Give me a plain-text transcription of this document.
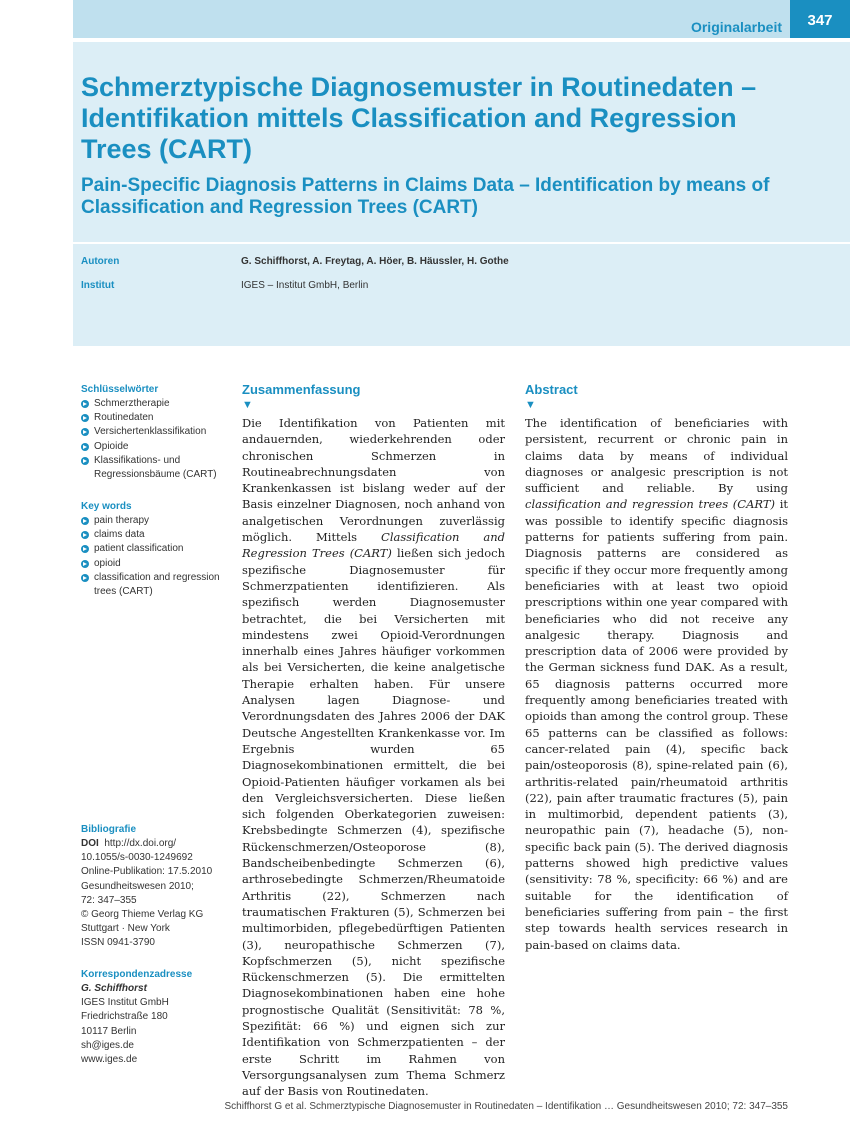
Originalarbeit	347
Schmerztypische Diagnosemuster in Routinedaten – Identifikation mittels Classification and Regression Trees (CART)
Pain-Specific Diagnosis Patterns in Claims Data – Identification by means of Classification and Regression Trees (CART)
Autoren	G. Schiffhorst, A. Freytag, A. Höer, B. Häussler, H. Gothe
Institut	IGES – Institut GmbH, Berlin
Schlüsselwörter
Schmerztherapie
Routinedaten
Versichertenklassifikation
Opioide
Klassifikations- und Regressionsbäume (CART)
Key words
pain therapy
claims data
patient classification
opioid
classification and regression trees (CART)
Bibliografie
DOI http://dx.doi.org/
10.1055/s-0030-1249692
Online-Publikation: 17.5.2010
Gesundheitswesen 2010;
72: 347–355
© Georg Thieme Verlag KG
Stuttgart · New York
ISSN 0941-3790
Korrespondenzadresse
G. Schiffhorst
IGES Institut GmbH
Friedrichstraße 180
10117 Berlin
sh@iges.de
www.iges.de
Zusammenfassung
▼

Die Identifikation von Patienten mit andauernden, wiederkehrenden oder chronischen Schmerzen in Routineabrechnungsdaten von Krankenkassen ist bislang weder auf der Basis einzelner Diagnosen, noch anhand von analgetischen Verordnungen zuverlässig möglich. Mittels Classification and Regression Trees (CART) ließen sich jedoch spezifische Diagnosemuster für Schmerzpatienten identifizieren. Als spezifisch werden Diagnosemuster betrachtet, die bei Versicherten mit mindestens zwei Opioid-Verordnungen innerhalb eines Jahres häufiger vorkommen als bei Versicherten, die keine analgetische Therapie erhalten haben. Für unsere Analysen lagen Diagnose- und Verordnungsdaten des Jahres 2006 der DAK Deutsche Angestellten Krankenkasse vor. Im Ergebnis wurden 65 Diagnosekombinationen ermittelt, die bei Opioid-Patienten häufiger vorkamen als bei den Vergleichsversicherten. Diese ließen sich folgenden Oberkategorien zuweisen: Krebsbedingte Schmerzen (4), spezifische Rückenschmerzen/Osteoporose (8), Bandscheibenbedingte Schmerzen (6), arthrosebedingte Schmerzen/Rheumatoide Arthritis (22), Schmerzen nach traumatischen Frakturen (5), Schmerzen bei multimorbiden, pflegebedürftigen Patienten (3), neuropathische Schmerzen (7), Kopfschmerzen (5), nicht spezifische Rückenschmerzen (5). Die ermittelten Diagnosekombinationen haben eine hohe prognostische Qualität (Sensitivität: 78 %, Spezifität: 66 %) und eignen sich zur Identifikation von Schmerzpatienten – der erste Schritt im Rahmen von Versorgungsanalysen zum Thema Schmerz auf der Basis von Routinedaten.

Abstract
▼

The identification of beneficiaries with persistent, recurrent or chronic pain in claims data by means of individual diagnoses or analgesic prescription is not sufficient and reliable. By using classification and regression trees (CART) it was possible to identify specific diagnosis patterns for patients suffering from pain. Diagnosis patterns are considered as specific if they occur more frequently among beneficiaries with at least two opioid prescriptions within one year compared with beneficiaries who did not receive any analgesic therapy. Diagnosis and prescription data of 2006 were provided by the German sickness fund DAK. As a result, 65 diagnosis patterns occurred more frequently among beneficiaries treated with opioids than among the control group. These 65 patterns can be classified as follows: cancer-related pain (4), specific back pain/osteoporosis (8), spine-related pain (6), arthritis-related pain/rheumatoid arthritis (22), pain after traumatic fractures (5), pain in multimorbid, dependent patients (3), neuropathic pain (7), headache (5), non-specific back pain (5). The derived diagnosis patterns showed high predictive values (sensitivity: 78 %, specificity: 66 %) and are suitable for the identification of beneficiaries suffering from pain – the first step towards health services research in pain-based on claims data.

Schiffhorst G et al. Schmerztypische Diagnosemuster in Routinedaten – Identifikation … Gesundheitswesen 2010; 72: 347–355
